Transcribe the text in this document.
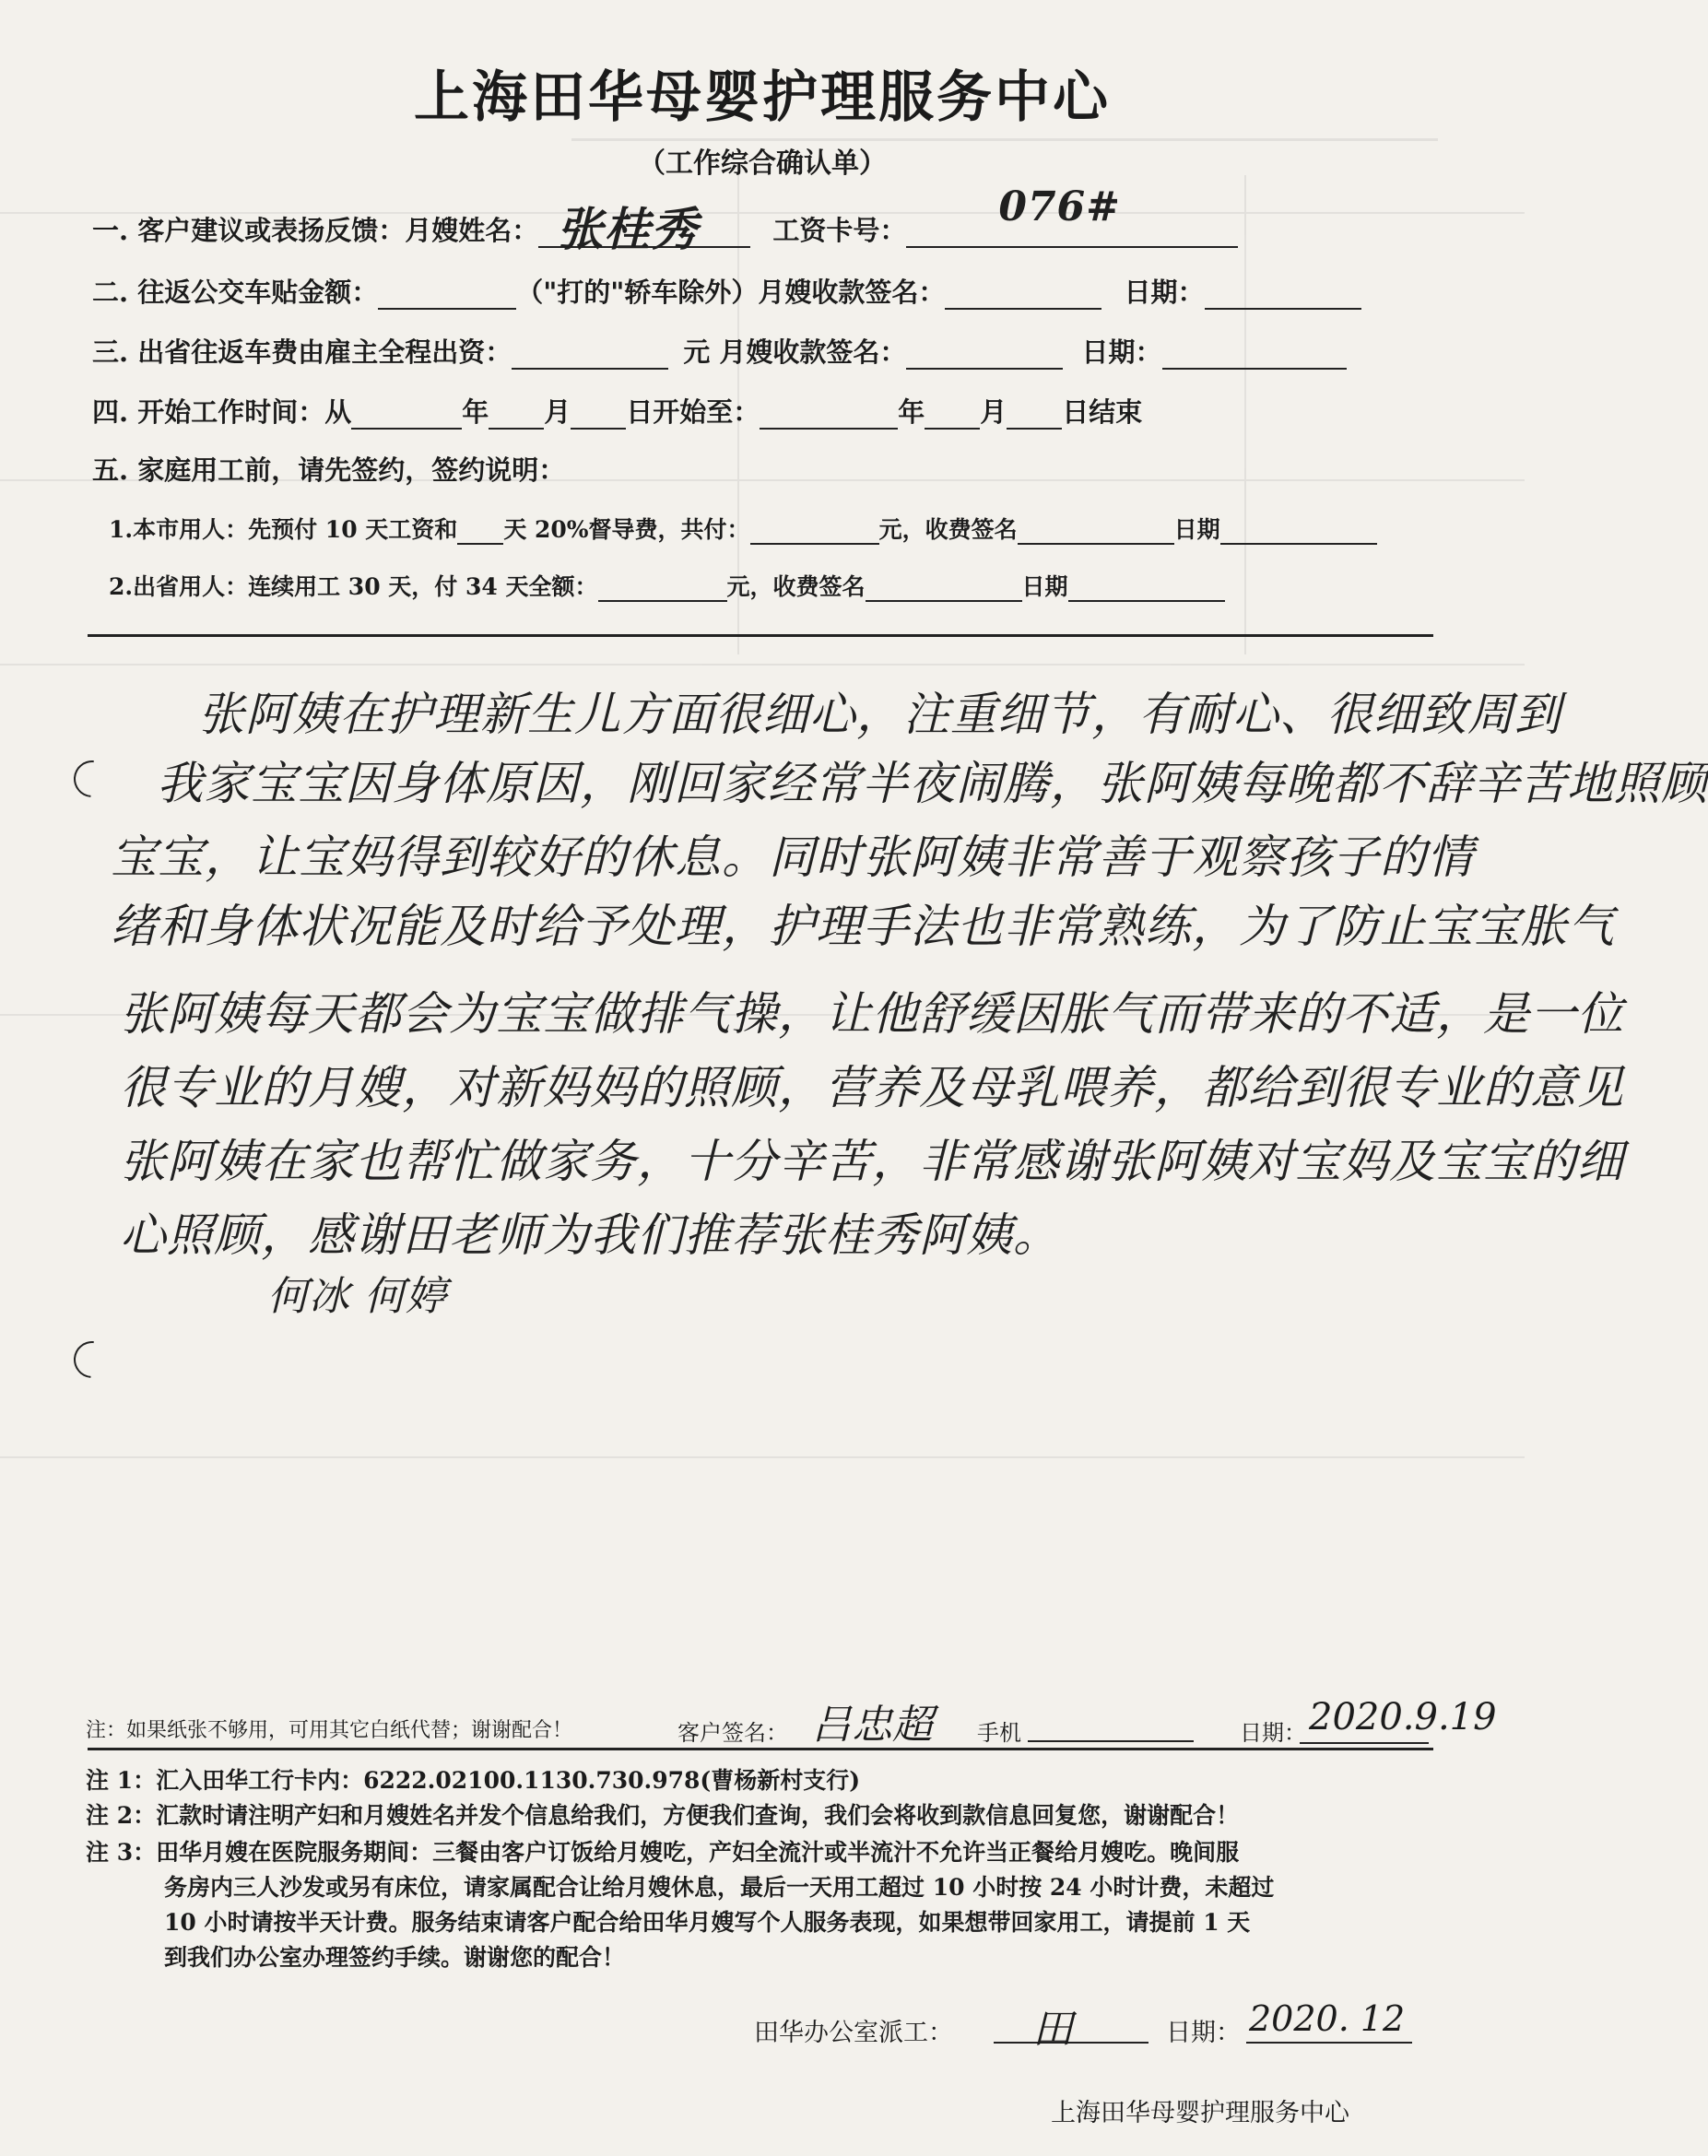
上海田华母婴护理服务中心
（工作综合确认单）
一. 客户建议或表扬反馈：月嫂姓名： 张桂秀	工资卡号： 076#
二. 往返公交车贴金额：	（"打的"轿车除外）月嫂收款签名：	日期：
三. 出省往返车费由雇主全程出资：	元 月嫂收款签名：	日期：
四. 开始工作时间：从	年 月 日开始至：	年 月 日结束
五. 家庭用工前，请先签约，签约说明：
1.本市用人：先预付 10 天工资和 天 20%督导费，共付：	元，收费签名	日期
2.出省用人：连续用工 30 天，付 34 天全额：	元，收费签名	日期
张阿姨在护理新生儿方面很细心，注重细节，有耐心、很细致周到
我家宝宝因身体原因，刚回家经常半夜闹腾，张阿姨每晚都不辞辛苦地照顾
宝宝，让宝妈得到较好的休息。同时张阿姨非常善于观察孩子的情
绪和身体状况能及时给予处理，护理手法也非常熟练，为了防止宝宝胀气
张阿姨每天都会为宝宝做排气操，让他舒缓因胀气而带来的不适，是一位
很专业的月嫂，对新妈妈的照顾，营养及母乳喂养，都给到很专业的意见
张阿姨在家也帮忙做家务，十分辛苦，非常感谢张阿姨对宝妈及宝宝的细
心照顾，感谢田老师为我们推荐张桂秀阿姨。
何冰 何婷
注：如果纸张不够用，可用其它白纸代替；谢谢配合！	客户签名： 吕忠超 手机	日期： 2020.9.19
注 1：汇入田华工行卡内：6222.02100.1130.730.978(曹杨新村支行)
注 2：汇款时请注明产妇和月嫂姓名并发个信息给我们，方便我们查询，我们会将收到款信息回复您，谢谢配合！
注 3：田华月嫂在医院服务期间：三餐由客户订饭给月嫂吃，产妇全流汁或半流汁不允许当正餐给月嫂吃。晚间服
务房内三人沙发或另有床位，请家属配合让给月嫂休息，最后一天用工超过 10 小时按 24 小时计费，未超过
10 小时请按半天计费。服务结束请客户配合给田华月嫂写个人服务表现，如果想带回家用工，请提前 1 天
到我们办公室办理签约手续。谢谢您的配合！
田华办公室派工： 田	日期： 2020. 12
上海田华母婴护理服务中心
